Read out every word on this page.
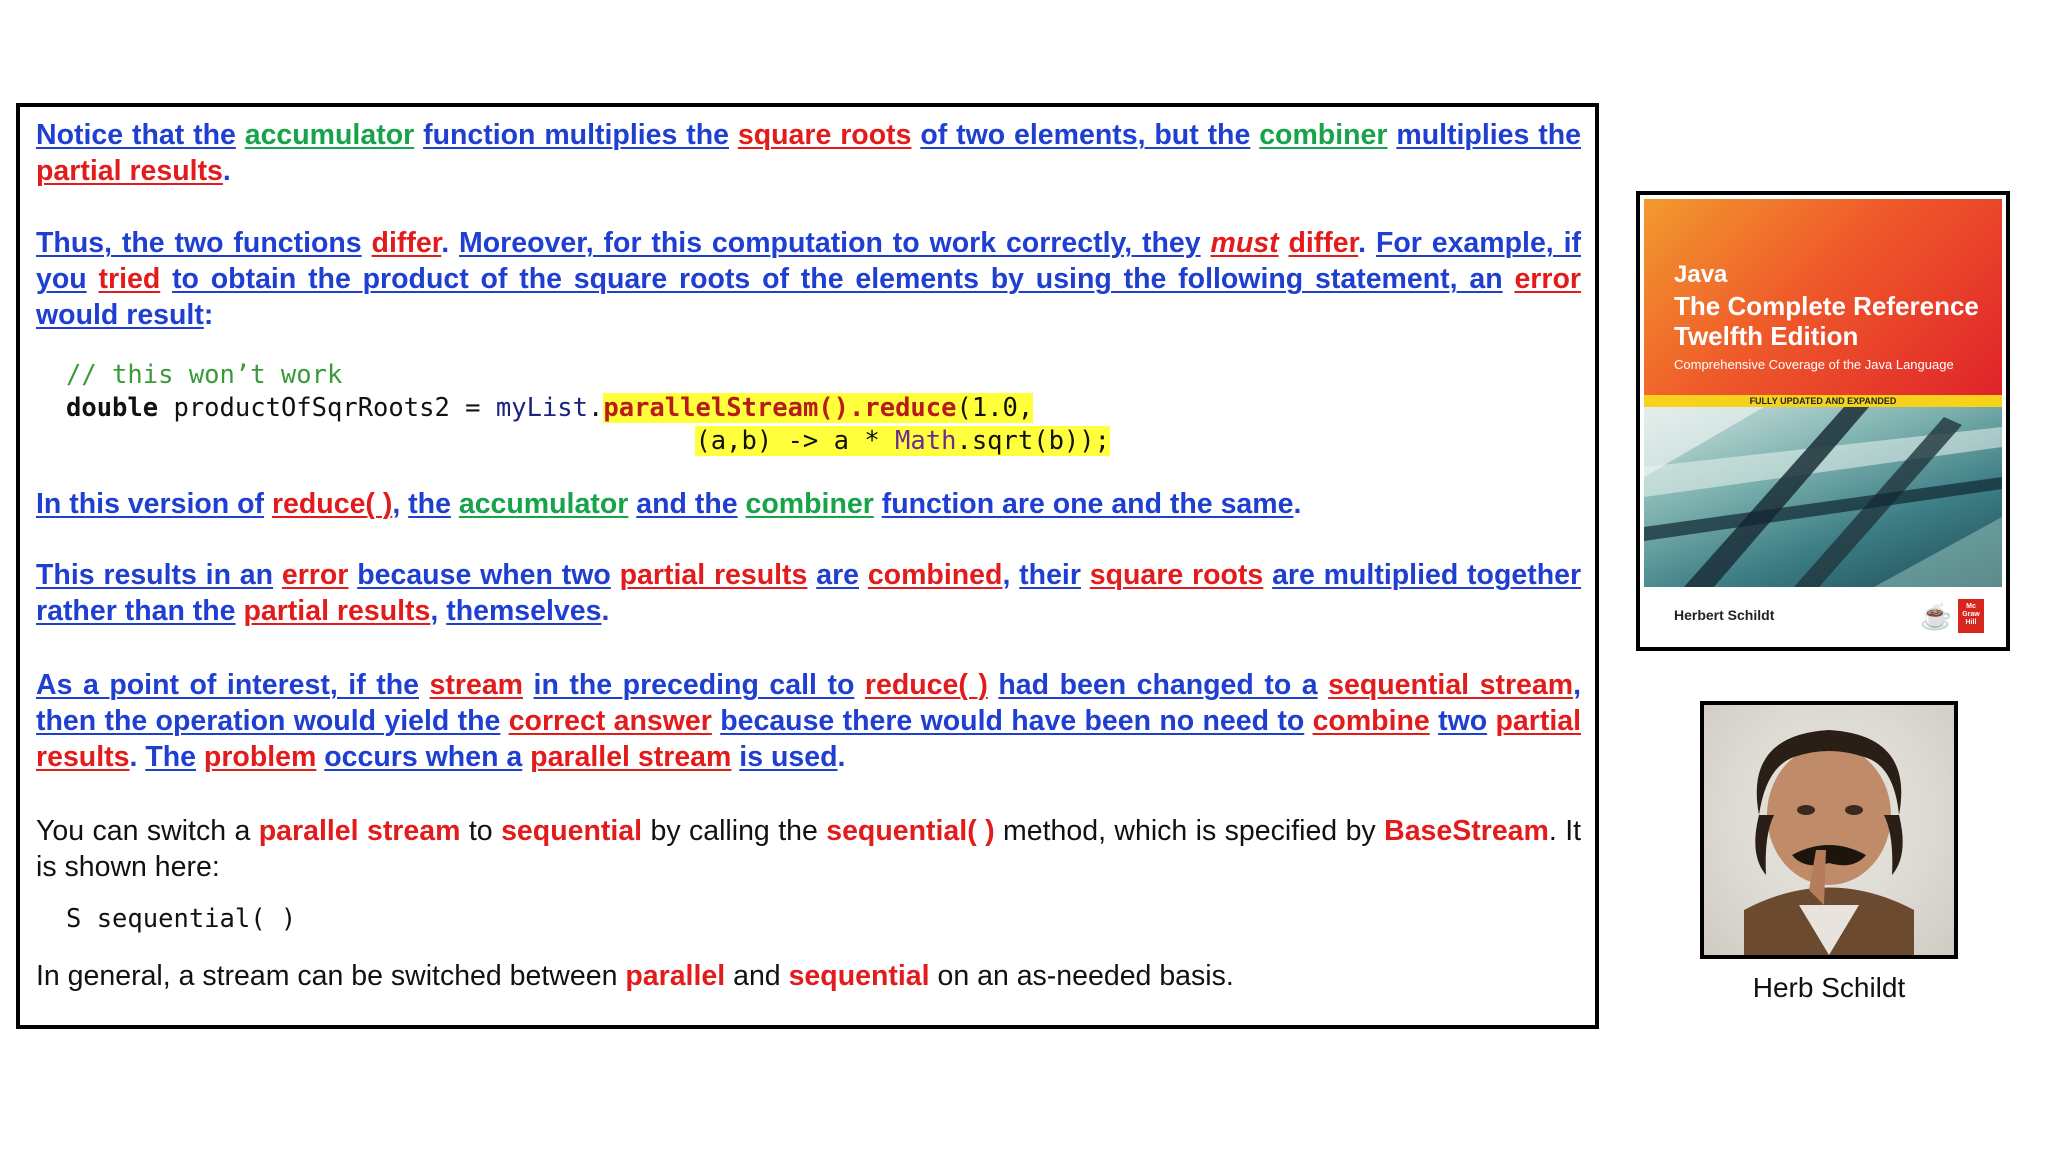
Notice that the accumulator function multiplies the square roots of two elements, but the combiner multiplies the partial results.

Thus, the two functions differ. Moreover, for this computation to work correctly, they must differ. For example, if you tried to obtain the product of the square roots of the elements by using the following statement, an error would result:

// this won’t work
double productOfSqrRoots2 = myList.parallelStream().reduce(1.0,
(a,b) -> a * Math.sqrt(b));

In this version of reduce( ), the accumulator and the combiner function are one and the same.

This results in an error because when two partial results are combined, their square roots are multiplied together rather than the partial results, themselves.

As a point of interest, if the stream in the preceding call to reduce( ) had been changed to a sequential stream, then the operation would yield the correct answer because there would have been no need to combine two partial results. The problem occurs when a parallel stream is used.

You can switch a parallel stream to sequential by calling the sequential( ) method, which is specified by BaseStream. It is shown here:

S sequential( )

In general, a stream can be switched between parallel and sequential on an as-needed basis.

Java
The Complete Reference
Twelfth Edition
Comprehensive Coverage of the Java Language
FULLY UPDATED AND EXPANDED
Herbert Schildt	☕	Mc Graw Hill
Herb Schildt
